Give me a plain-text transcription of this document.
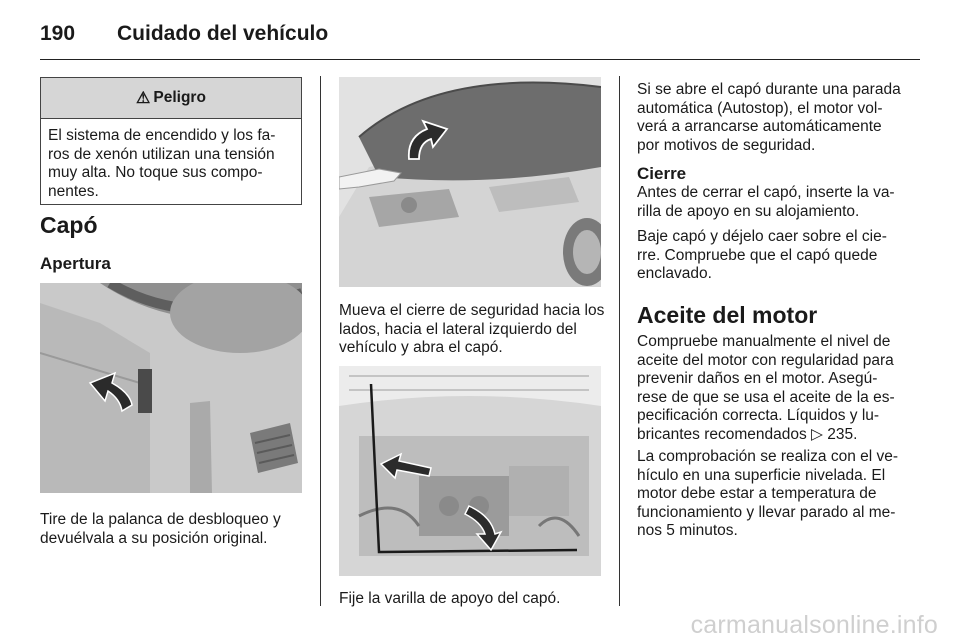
190 Cuidado del vehículo
⚠ Peligro
El sistema de encendido y los fa-ros de xenón utilizan una tensión muy alta. No toque sus compo-nentes.
Capó
Apertura
Tire de la palanca de desbloqueo y devuélvala a su posición original.
Mueva el cierre de seguridad hacia los lados, hacia el lateral izquierdo del vehículo y abra el capó.
Fije la varilla de apoyo del capó.
Si se abre el capó durante una parada automática (Autostop), el motor vol-verá a arrancarse automáticamente por motivos de seguridad.
Cierre
Antes de cerrar el capó, inserte la va-rilla de apoyo en su alojamiento.
Baje capó y déjelo caer sobre el cie-rre. Compruebe que el capó quede enclavado.
Aceite del motor
Compruebe manualmente el nivel de aceite del motor con regularidad para prevenir daños en el motor. Asegú-rese de que se usa el aceite de la es-pecificación correcta. Líquidos y lu-bricantes recomendados ▷ 235.
La comprobación se realiza con el ve-hículo en una superficie nivelada. El motor debe estar a temperatura de funcionamiento y llevar parado al me-nos 5 minutos.
carmanualsonline.info
